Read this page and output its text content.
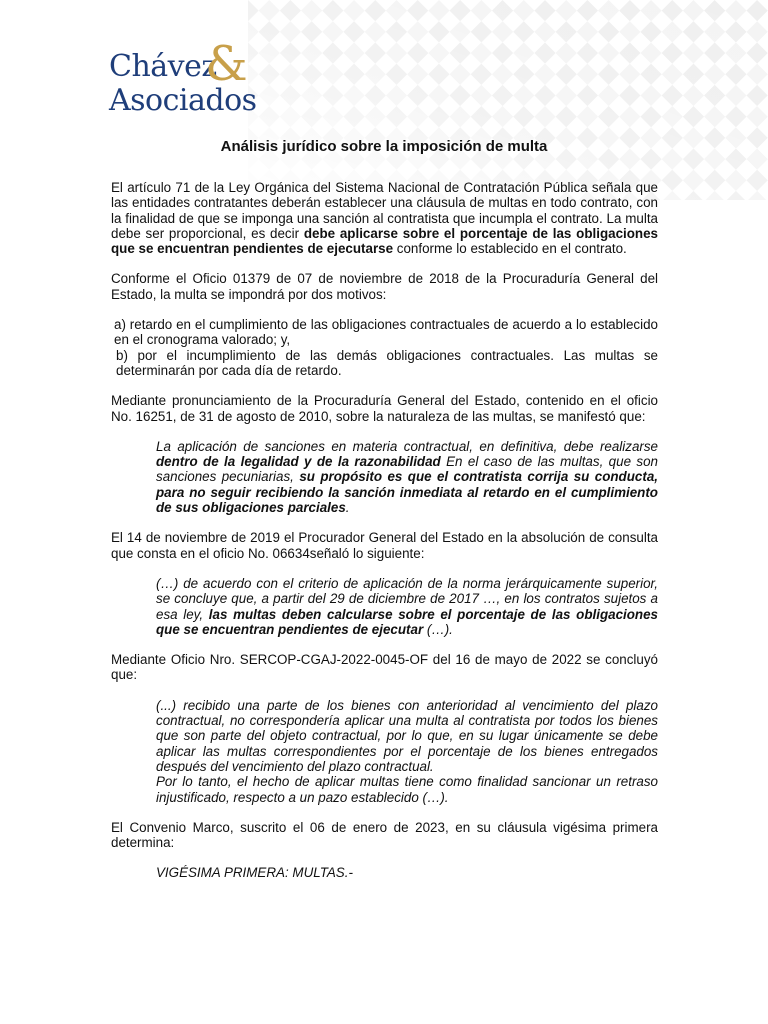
Chávez
&
Asociados
Análisis jurídico sobre la imposición de multa

El artículo 71 de la Ley Orgánica del Sistema Nacional de Contratación Pública señala que las entidades contratantes deberán establecer una cláusula de multas en todo contrato, con la finalidad de que se imponga una sanción al contratista que incumpla el contrato. La multa debe ser proporcional, es decir debe aplicarse sobre el porcentaje de las obligaciones que se encuentran pendientes de ejecutarse conforme lo establecido en el contrato.

Conforme el Oficio 01379 de 07 de noviembre de 2018 de la Procuraduría General del Estado, la multa se impondrá por dos motivos:

a) retardo en el cumplimiento de las obligaciones contractuales de acuerdo a lo establecido en el cronograma valorado; y,

b) por el incumplimiento de las demás obligaciones contractuales. Las multas se determinarán por cada día de retardo.

Mediante pronunciamiento de la Procuraduría General del Estado, contenido en el oficio No. 16251, de 31 de agosto de 2010, sobre la naturaleza de las multas, se manifestó que:

La aplicación de sanciones en materia contractual, en definitiva, debe realizarse dentro de la legalidad y de la razonabilidad En el caso de las multas, que son sanciones pecuniarias, su propósito es que el contratista corrija su conducta, para no seguir recibiendo la sanción inmediata al retardo en el cumplimiento de sus obligaciones parciales.

El 14 de noviembre de 2019 el Procurador General del Estado en la absolución de consulta que consta en el oficio No. 06634señaló lo siguiente:

(…) de acuerdo con el criterio de aplicación de la norma jerárquicamente superior, se concluye que, a partir del 29 de diciembre de 2017 …, en los contratos sujetos a esa ley, las multas deben calcularse sobre el porcentaje de las obligaciones que se encuentran pendientes de ejecutar (…).

Mediante Oficio Nro. SERCOP-CGAJ-2022-0045-OF del 16 de mayo de 2022 se concluyó que:

(...) recibido una parte de los bienes con anterioridad al vencimiento del plazo contractual, no correspondería aplicar una multa al contratista por todos los bienes que son parte del objeto contractual, por lo que, en su lugar únicamente se debe aplicar las multas correspondientes por el porcentaje de los bienes entregados después del vencimiento del plazo contractual.

Por lo tanto, el hecho de aplicar multas tiene como finalidad sancionar un retraso injustificado, respecto a un pazo establecido (…).

El Convenio Marco, suscrito el 06 de enero de 2023, en su cláusula vigésima primera determina:

VIGÉSIMA PRIMERA: MULTAS.-
